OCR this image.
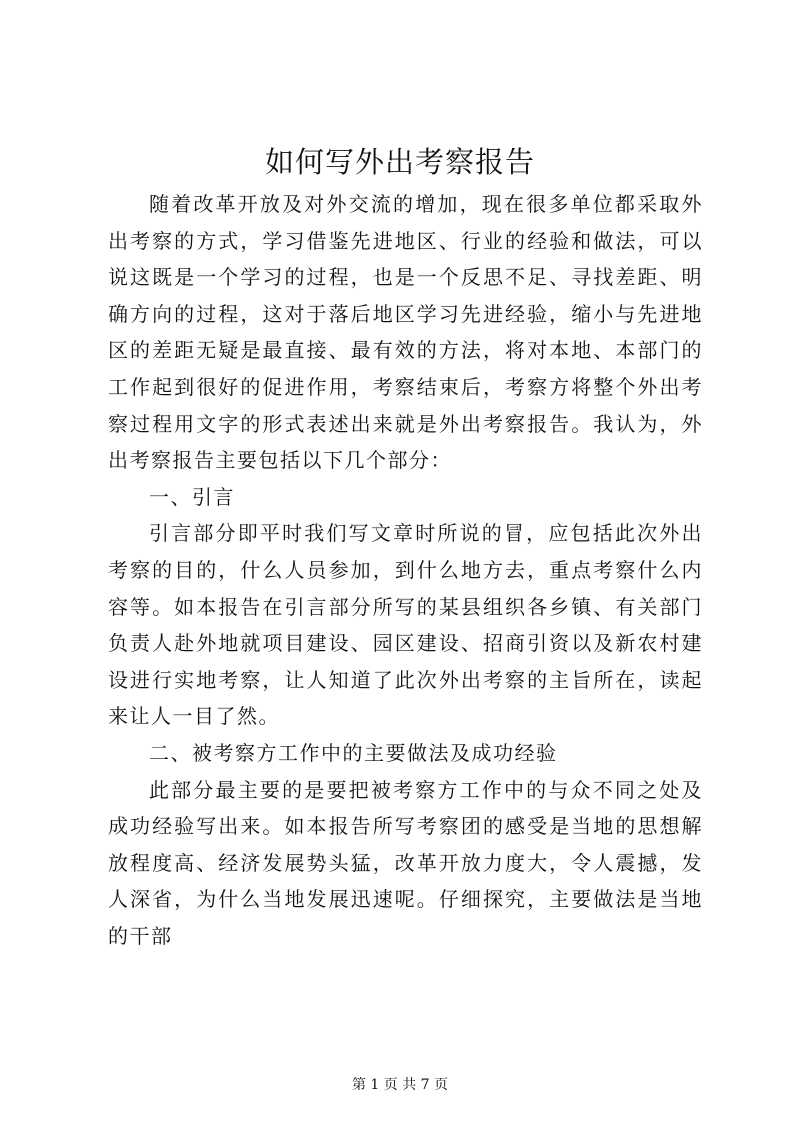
如何写外出考察报告

随着改革开放及对外交流的增加，现在很多单位都采取外出考察的方式，学习借鉴先进地区、行业的经验和做法，可以说这既是一个学习的过程，也是一个反思不足、寻找差距、明确方向的过程，这对于落后地区学习先进经验，缩小与先进地区的差距无疑是最直接、最有效的方法，将对本地、本部门的工作起到很好的促进作用，考察结束后，考察方将整个外出考察过程用文字的形式表述出来就是外出考察报告。我认为，外出考察报告主要包括以下几个部分：

一、引言

引言部分即平时我们写文章时所说的冒，应包括此次外出考察的目的，什么人员参加，到什么地方去，重点考察什么内容等。如本报告在引言部分所写的某县组织各乡镇、有关部门负责人赴外地就项目建设、园区建设、招商引资以及新农村建设进行实地考察，让人知道了此次外出考察的主旨所在，读起来让人一目了然。

二、被考察方工作中的主要做法及成功经验

此部分最主要的是要把被考察方工作中的与众不同之处及成功经验写出来。如本报告所写考察团的感受是当地的思想解放程度高、经济发展势头猛，改革开放力度大，令人震撼，发人深省，为什么当地发展迅速呢。仔细探究，主要做法是当地的干部

第 1 页 共 7 页
